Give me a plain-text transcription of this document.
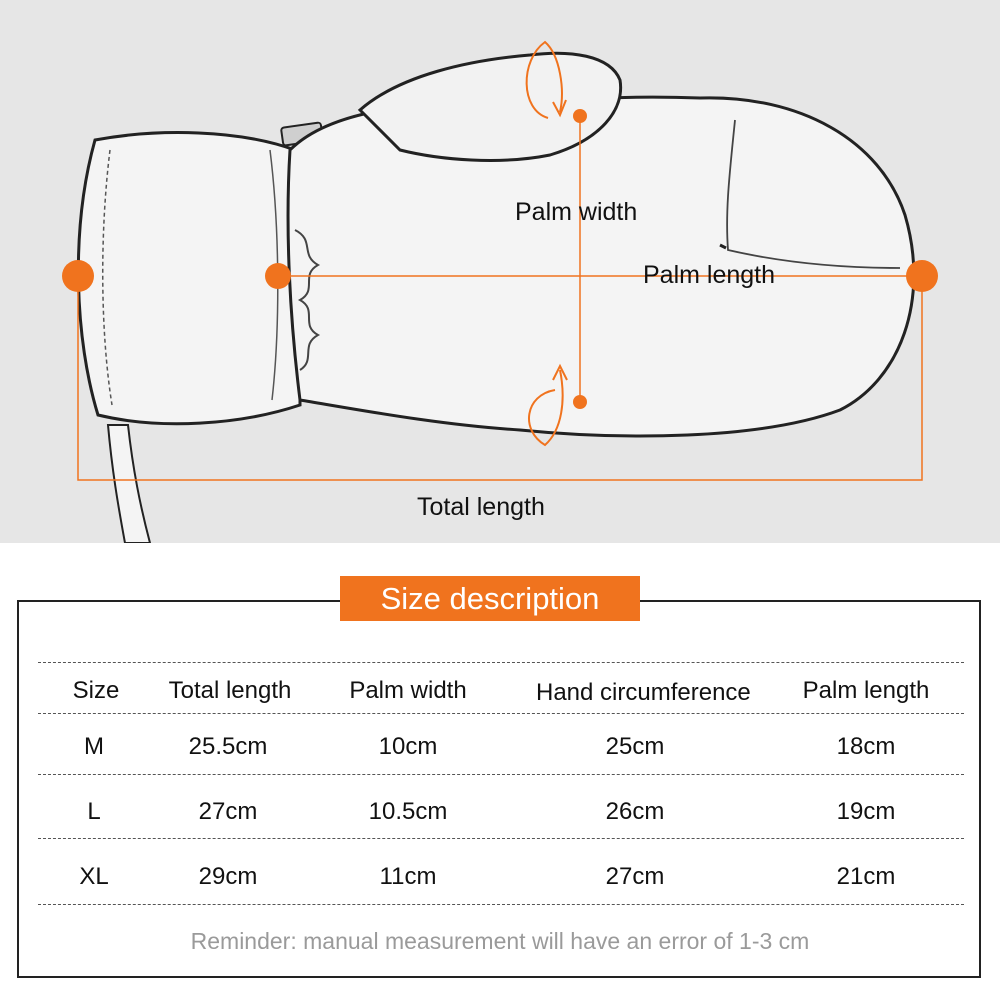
Palm width
Palm length
Total length
Size description
Size	Total length	Palm width	Hand circumference	Palm length
M	25.5cm	10cm	25cm	18cm
L	27cm	10.5cm	26cm	19cm
XL	29cm	11cm	27cm	21cm
Reminder: manual measurement will have an error of 1-3 cm
